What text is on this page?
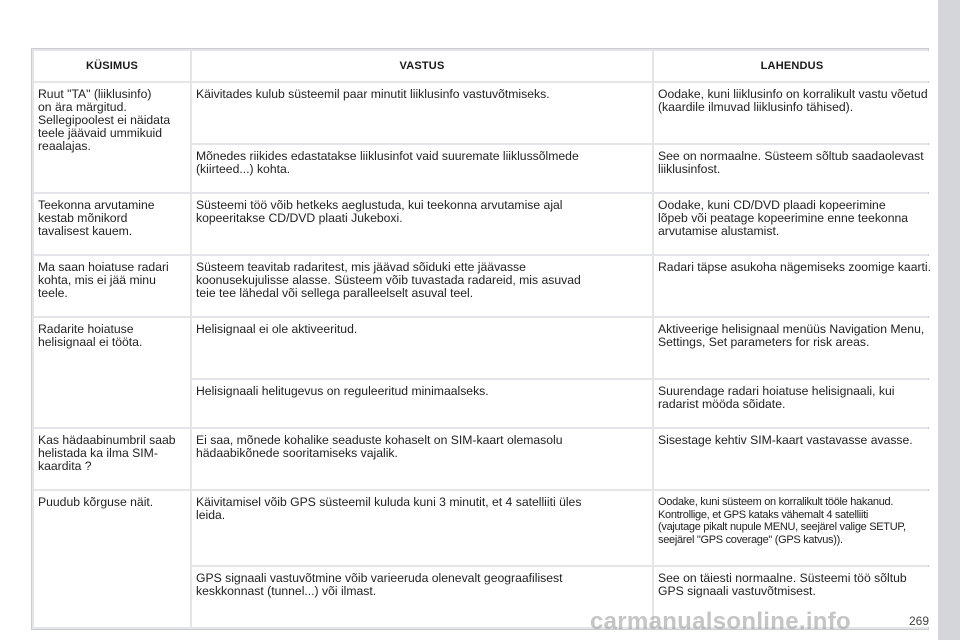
KÜSIMUS	VASTUS	LAHENDUS

Ruut "TA" (liiklusinfo)
on ära märgitud.
Sellegipoolest ei näidata
teele jäävaid ummikuid
reaalajas.	Käivitades kulub süsteemil paar minutit liiklusinfo vastuvõtmiseks.	Oodake, kuni liiklusinfo on korralikult vastu võetud
(kaardile ilmuvad liiklusinfo tähised).

	Mõnedes riikides edastatakse liiklusinfot vaid suuremate liiklussõlmede
(kiirteed...) kohta.	See on normaalne. Süsteem sõltub saadaolevast
liiklusinfost.

Teekonna arvutamine
kestab mõnikord
tavalisest kauem.	Süsteemi töö võib hetkeks aeglustuda, kui teekonna arvutamise ajal
kopeeritakse CD/DVD plaati Jukeboxi.	Oodake, kuni CD/DVD plaadi kopeerimine
lõpeb või peatage kopeerimine enne teekonna
arvutamise alustamist.

Ma saan hoiatuse radari
kohta, mis ei jää minu
teele.	Süsteem teavitab radaritest, mis jäävad sõiduki ette jäävasse
koonusekujulisse alasse. Süsteem võib tuvastada radareid, mis asuvad
teie tee lähedal või sellega paralleelselt asuval teel.	Radari täpse asukoha nägemiseks zoomige kaarti.

Radarite hoiatuse
helisignaal ei tööta.	Helisignaal ei ole aktiveeritud.	Aktiveerige helisignaal menüüs Navigation Menu,
Settings, Set parameters for risk areas.

	Helisignaali helitugevus on reguleeritud minimaalseks.	Suurendage radari hoiatuse helisignaali, kui
radarist mööda sõidate.

Kas hädaabinumbril saab
helistada ka ilma SIM-
kaardita ?	Ei saa, mõnede kohalike seaduste kohaselt on SIM-kaart olemasolu
hädaabikõnede sooritamiseks vajalik.	Sisestage kehtiv SIM-kaart vastavasse avasse.

Puudub kõrguse näit.	Käivitamisel võib GPS süsteemil kuluda kuni 3 minutit, et 4 satelliiti üles
leida.	Oodake, kuni süsteem on korralikult tööle hakanud.
Kontrollige, et GPS kataks vähemalt 4 satelliiti
(vajutage pikalt nupule MENU, seejärel valige SETUP,
seejärel "GPS coverage" (GPS katvus)).

	GPS signaali vastuvõtmine võib varieeruda olenevalt geograafilisest
keskkonnast (tunnel...) või ilmast.	See on täiesti normaalne. Süsteemi töö sõltub
GPS signaali vastuvõtmisest.
269
carmanualsonline.info
